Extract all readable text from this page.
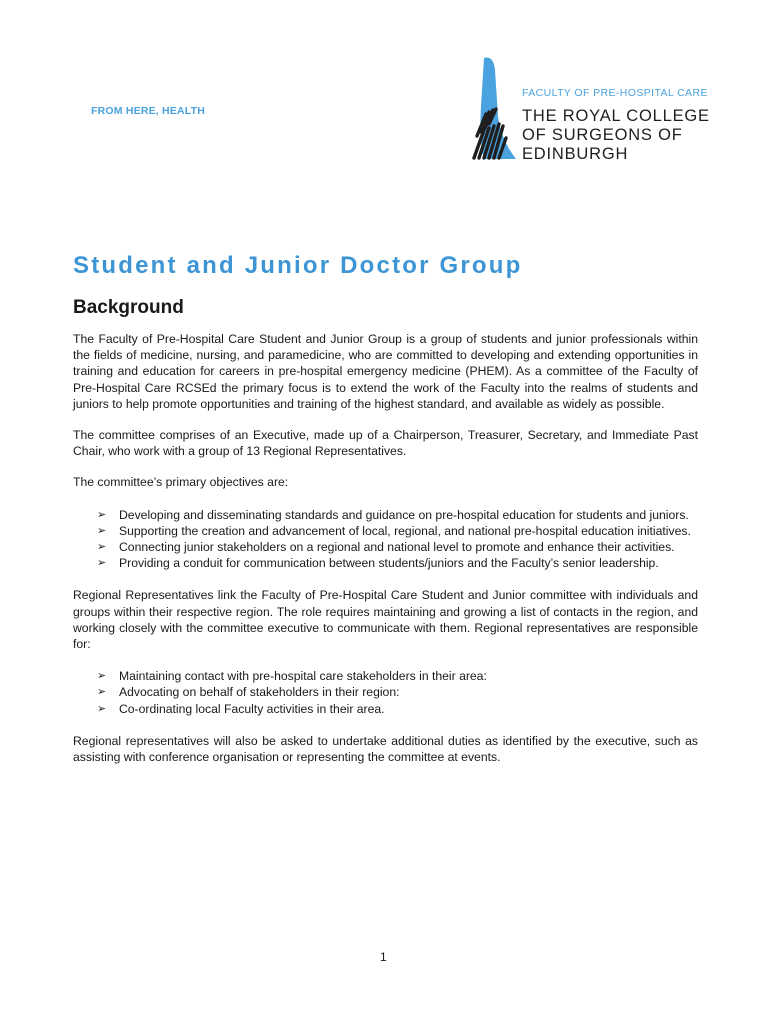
FROM HERE, HEALTH
FACULTY OF PRE-HOSPITAL CARE
THE ROYAL COLLEGE
OF SURGEONS OF
EDINBURGH
Student and Junior Doctor Group
Background

The Faculty of Pre-Hospital Care Student and Junior Group is a group of students and junior professionals within the fields of medicine, nursing, and paramedicine, who are committed to developing and extending opportunities in training and education for careers in pre-hospital emergency medicine (PHEM). As a committee of the Faculty of Pre-Hospital Care RCSEd the primary focus is to extend the work of the Faculty into the realms of students and juniors to help promote opportunities and training of the highest standard, and available as widely as possible.

The committee comprises of an Executive, made up of a Chairperson, Treasurer, Secretary, and Immediate Past Chair, who work with a group of 13 Regional Representatives.

The committee’s primary objectives are:

➢ Developing and disseminating standards and guidance on pre-hospital education for students and juniors.
➢ Supporting the creation and advancement of local, regional, and national pre-hospital education initiatives.
➢ Connecting junior stakeholders on a regional and national level to promote and enhance their activities.
➢ Providing a conduit for communication between students/juniors and the Faculty’s senior leadership.

Regional Representatives link the Faculty of Pre-Hospital Care Student and Junior committee with individuals and groups within their respective region. The role requires maintaining and growing a list of contacts in the region, and working closely with the committee executive to communicate with them. Regional representatives are responsible for:

➢ Maintaining contact with pre-hospital care stakeholders in their area:
➢ Advocating on behalf of stakeholders in their region:
➢ Co-ordinating local Faculty activities in their area.

Regional representatives will also be asked to undertake additional duties as identified by the executive, such as assisting with conference organisation or representing the committee at events.

1
